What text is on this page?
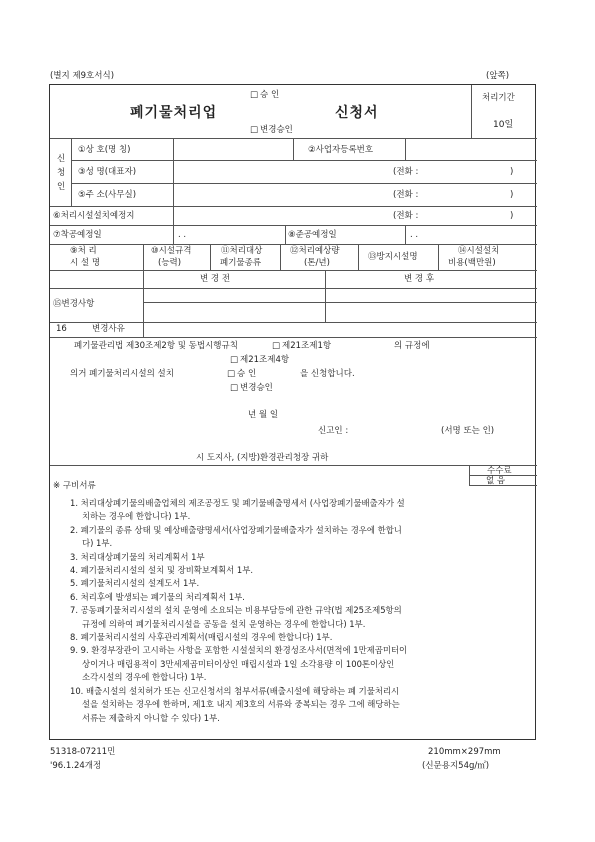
(별지 제9호서식)	(앞쪽)
□ 승 인
폐기물처리업	신청서
□ 변경승인
처리기간
10일
신
청
인
①상 호(명 칭)	②사업자등록번호
③성 명(대표자)	(전화 :	)
⑤주 소(사무실)	(전화 :	)
⑥처리시설설치예정지	(전화 :	)
⑦착공예정일	. .	⑧준공예정일	. .
⑨처 리
시 설 명
⑩시설규격
(능력)
⑪처리대상
폐기물종류
⑫처리예상량
(톤/년)
⑬방지시설명
⑭시설설치
비용(백만원)
⑮변경사항
변 경 전	변 경 후
16	변경사유
폐기물관리법 제30조제2항 및 동법시행규칙	□ 제21조제1항	의 규정에
□ 제21조제4항
의거 폐기물처리시설의 설치	□ 승 인	을 신청합니다.
□ 변경승인
년 월 일
신고인 :	(서명 또는 인)
시 도지사, (지방)환경관리청장 귀하
수수료
없 음
※ 구비서류
1. 처리대상폐기물의배출업체의 제조공정도 및 폐기물배출명세서 (사업장폐기물배출자가 설
치하는 경우에 한합니다) 1부.
2. 폐기물의 종류 상태 및 예상배출량명세서(사업장폐기물배출자가 설치하는 경우에 한합니
다) 1부.
3. 처리대상폐기물의 처리계획서 1부
4. 폐기물처리시설의 설치 및 장비확보계획서 1부.
5. 폐기물처리시설의 설계도서 1부.
6. 처리후에 발생되는 폐기물의 처리계획서 1부.
7. 공동폐기물처리시설의 설치 운영에 소요되는 비용부담등에 관한 규약(법 제25조제5항의
규정에 의하여 폐기물처리시설을 공동을 설치 운영하는 경우에 한합니다) 1부.
8. 폐기물처리시설의 사후관리계획서(매립시설의 경우에 한합니다) 1부.
9. 9. 환경부장관이 고시하는 사항을 포함한 시설설치의 환경성조사서(면적에 1만제곱미터이
상이거나 매립용적이 3만세제곱미터이상인 매립시설과 1일 소각용량 이 100톤이상인
소각시설의 경우에 한합니다) 1부.
10. 배출시설의 설치허가 또는 신고신청서의 첨부서류(배출시설에 해당하는 폐 기물처리시
설을 설치하는 경우에 한하며, 제1호 내지 제3호의 서류와 중복되는 경우 그에 해당하는
서류는 제출하지 아니할 수 있다) 1부.
51318-07211민
'96.1.24개정
210mm×297mm
(신문용지54g/㎡)
